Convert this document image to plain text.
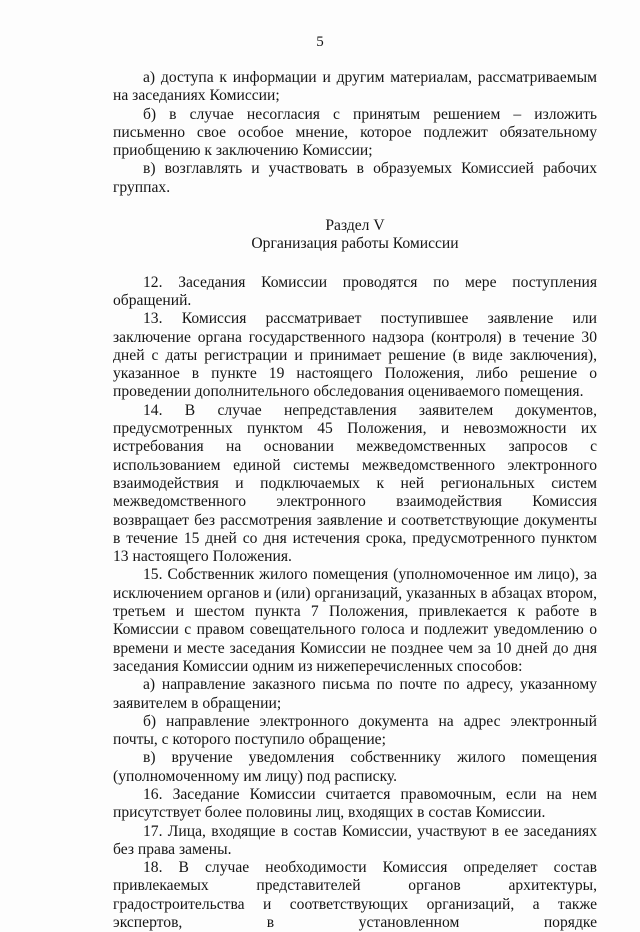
5

а) доступа к информации и другим материалам, рассматриваемым на заседаниях Комиссии;

б) в случае несогласия с принятым решением – изложить письменно свое особое мнение, которое подлежит обязательному приобщению к заключению Комиссии;

в) возглавлять и участвовать в образуемых Комиссией рабочих группах.

Раздел V

Организация работы Комиссии

12. Заседания Комиссии проводятся по мере поступления обращений.

13. Комиссия рассматривает поступившее заявление или заключение органа государственного надзора (контроля) в течение 30 дней с даты регистрации и принимает решение (в виде заключения), указанное в пункте 19 настоящего Положения, либо решение о проведении дополнительного обследования оцениваемого помещения.

14. В случае непредставления заявителем документов, предусмотренных пунктом 45 Положения, и невозможности их истребования на основании межведомственных запросов с использованием единой системы межведомственного электронного взаимодействия и подключаемых к ней региональных систем межведомственного электронного взаимодействия Комиссия возвращает без рассмотрения заявление и соответствующие документы в течение 15 дней со дня истечения срока, предусмотренного пунктом 13 настоящего Положения.

15. Собственник жилого помещения (уполномоченное им лицо), за исключением органов и (или) организаций, указанных в абзацах втором, третьем и шестом пункта 7 Положения, привлекается к работе в Комиссии с правом совещательного голоса и подлежит уведомлению о времени и месте заседания Комиссии не позднее чем за 10 дней до дня заседания Комиссии одним из нижеперечисленных способов:

а) направление заказного письма по почте по адресу, указанному заявителем в обращении;

б) направление электронного документа на адрес электронный почты, с которого поступило обращение;

в) вручение уведомления собственнику жилого помещения (уполномоченному им лицу) под расписку.

16. Заседание Комиссии считается правомочным, если на нем присутствует более половины лиц, входящих в состав Комиссии.

17. Лица, входящие в состав Комиссии, участвуют в ее заседаниях без права замены.

18. В случае необходимости Комиссия определяет состав привлекаемых представителей органов архитектуры, градостроительства и соответствующих организаций, а также экспертов, в установленном порядке
